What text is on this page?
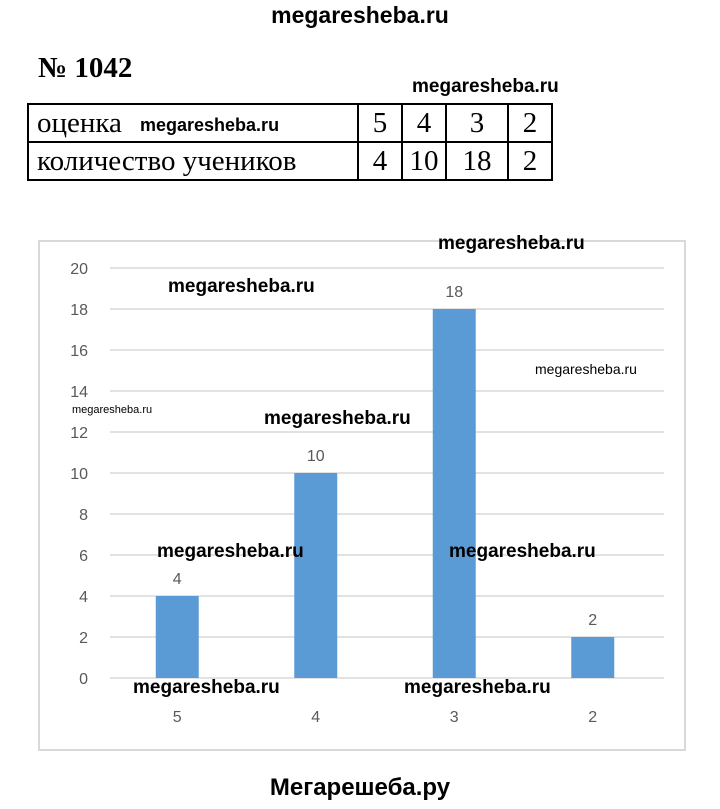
megaresheba.ru
№ 1042
оценка	5	4	3	2
количество учеников	4	10	18	2
0
2
4
6
8
10
12
14
16
18
20
4
5
10
4
18
3
2
2
megaresheba.ru
megaresheba.ru
megaresheba.ru
megaresheba.ru
megaresheba.ru
megaresheba.ru	megaresheba.ru
megaresheba.ru	megaresheba.ru
megaresheba.ru	megaresheba.ru
Мегарешеба.ру
